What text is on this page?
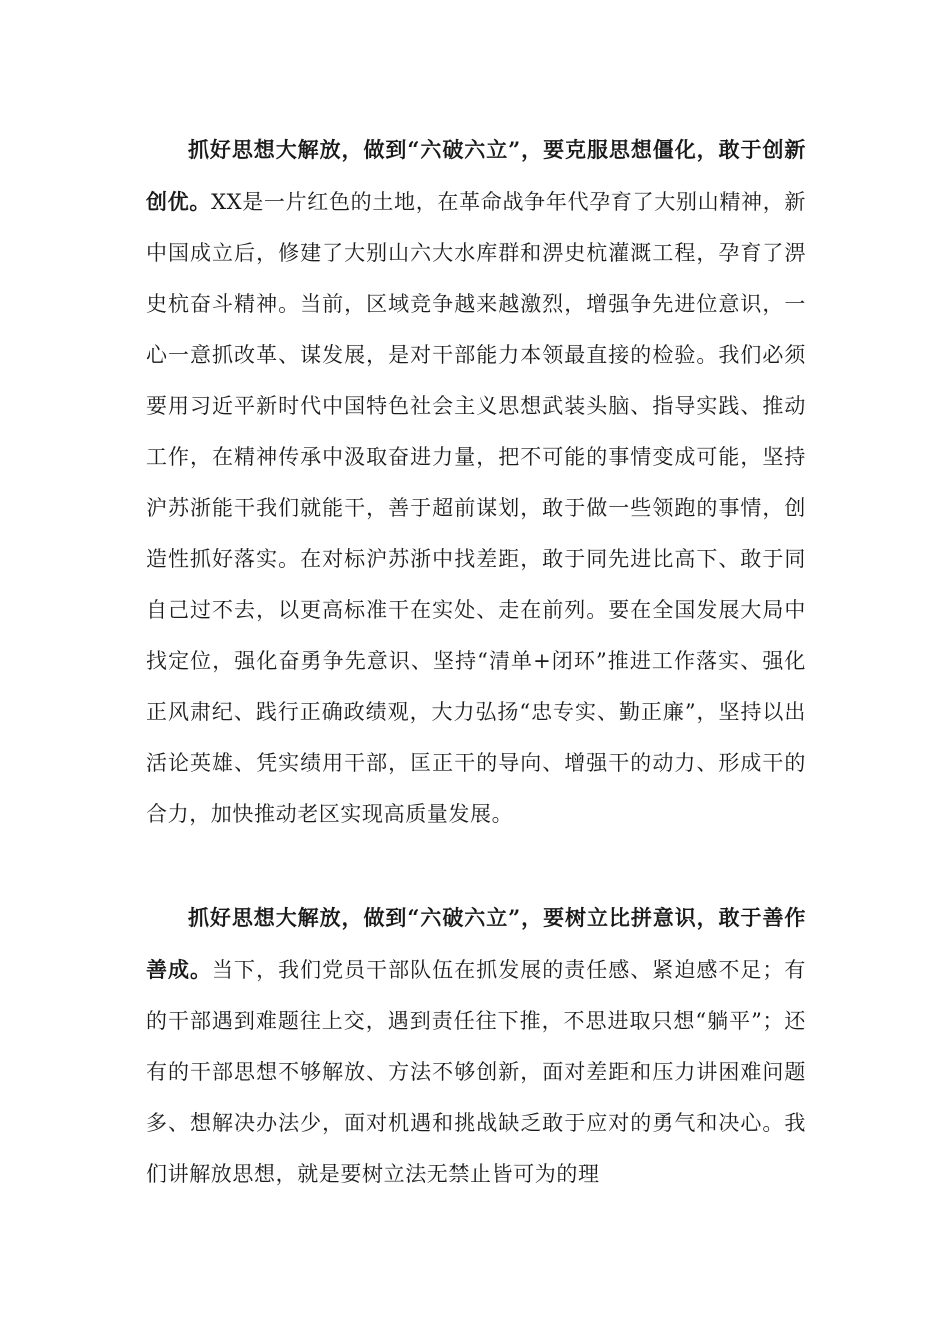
抓好思想大解放，做到“六破六立”，要克服思想僵化，敢于创新创优。XX是一片红色的土地，在革命战争年代孕育了大别山精神，新中国成立后，修建了大别山六大水库群和淠史杭灌溉工程，孕育了淠史杭奋斗精神。当前，区域竞争越来越激烈，增强争先进位意识，一心一意抓改革、谋发展，是对干部能力本领最直接的检验。我们必须要用习近平新时代中国特色社会主义思想武装头脑、指导实践、推动工作，在精神传承中汲取奋进力量，把不可能的事情变成可能，坚持沪苏浙能干我们就能干，善于超前谋划，敢于做一些领跑的事情，创造性抓好落实。在对标沪苏浙中找差距，敢于同先进比高下、敢于同自己过不去，以更高标准干在实处、走在前列。要在全国发展大局中找定位，强化奋勇争先意识、坚持“清单+闭环”推进工作落实、强化正风肃纪、践行正确政绩观，大力弘扬“忠专实、勤正廉”，坚持以出活论英雄、凭实绩用干部，匡正干的导向、增强干的动力、形成干的合力，加快推动老区实现高质量发展。

抓好思想大解放，做到“六破六立”，要树立比拼意识，敢于善作善成。当下，我们党员干部队伍在抓发展的责任感、紧迫感不足；有的干部遇到难题往上交，遇到责任往下推，不思进取只想“躺平”；还有的干部思想不够解放、方法不够创新，面对差距和压力讲困难问题多、想解决办法少，面对机遇和挑战缺乏敢于应对的勇气和决心。我们讲解放思想，就是要树立法无禁止皆可为的理
